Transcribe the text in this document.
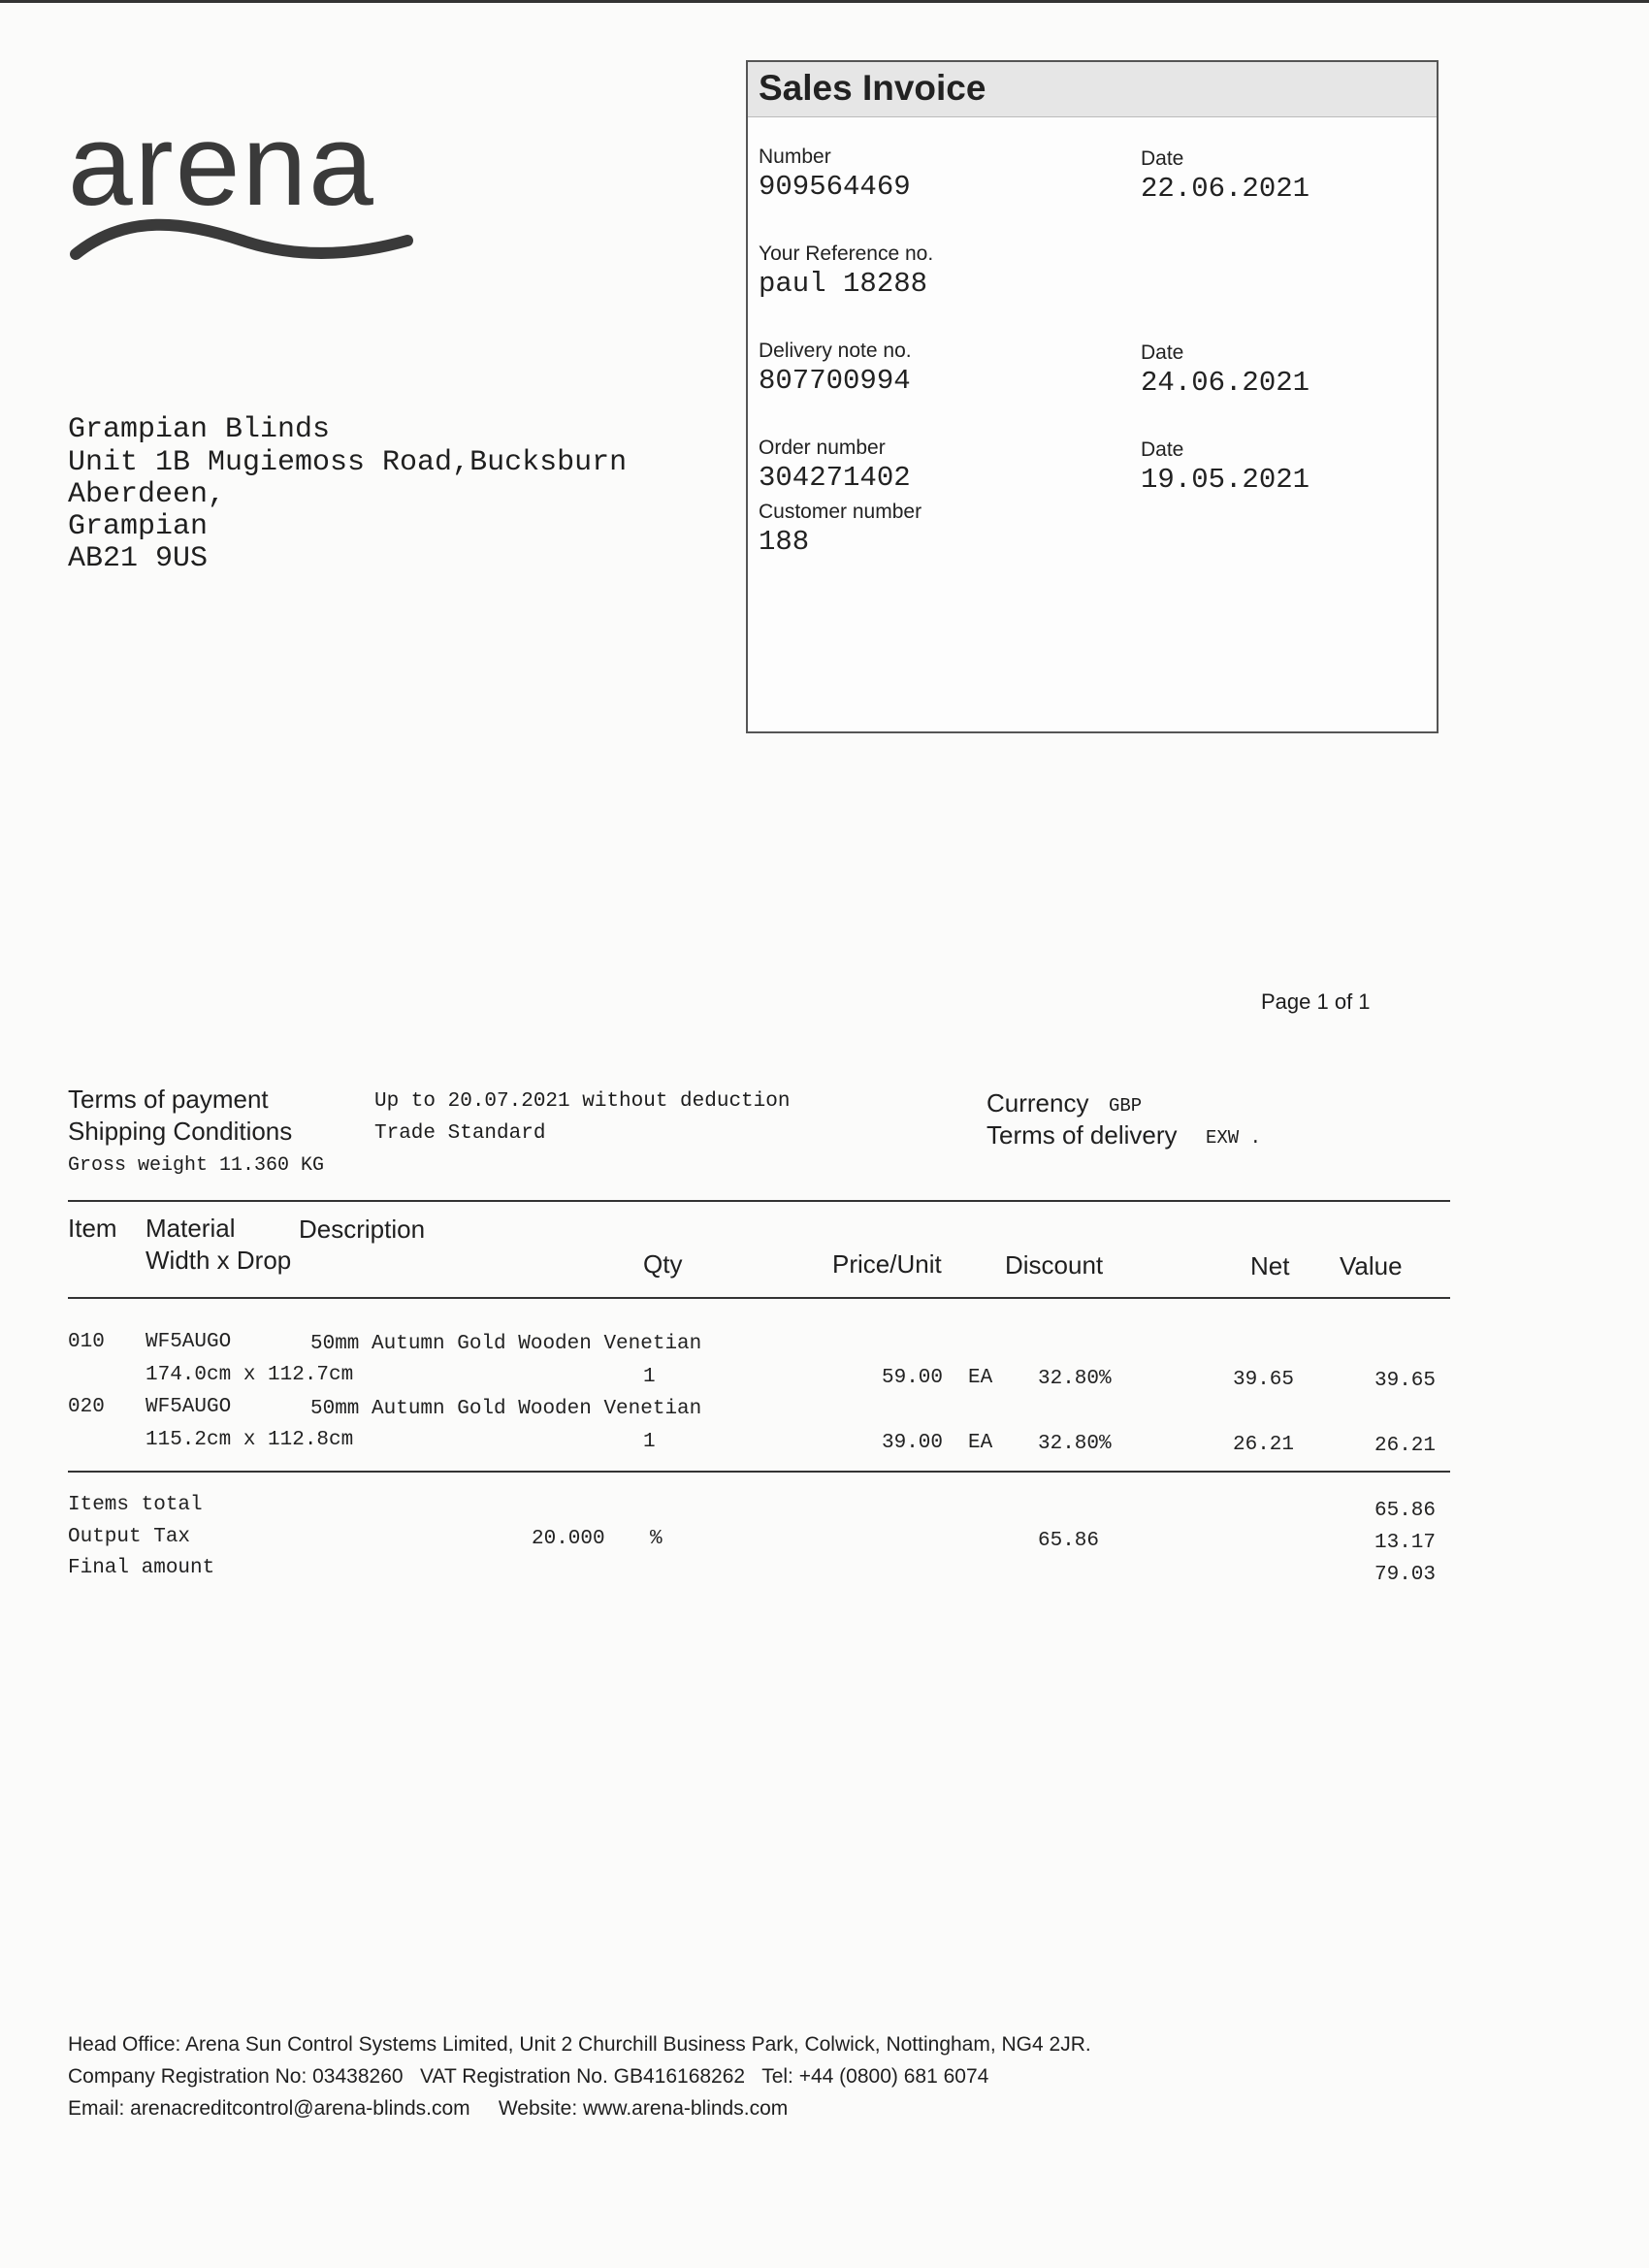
arena
Grampian Blinds
Unit 1B Mugiemoss Road,Bucksburn
Aberdeen,
Grampian
AB21 9US
Sales Invoice
Number
909564469
Date
22.06.2021
Your Reference no.
paul 18288
Delivery note no.
807700994
Date
24.06.2021
Order number
304271402
Date
19.05.2021
Customer number
188
Page 1 of 1
Terms of payment	Up to 20.07.2021 without deduction
Shipping Conditions	Trade Standard
Gross weight 11.360 KG
Currency GBP
Terms of delivery EXW .
Item Material	Description
Width x Drop	Qty	Price/Unit	Discount	Net Value
010 WF5AUGO	50mm Autumn Gold Wooden Venetian
174.0cm x 112.7cm	1	59.00 EA 32.80%	39.65	39.65
020 WF5AUGO	50mm Autumn Gold Wooden Venetian
115.2cm x 112.8cm	1	39.00 EA 32.80%	26.21	26.21
Items total	65.86
Output Tax	20.000 %	65.86	13.17
Final amount	79.03
Head Office: Arena Sun Control Systems Limited, Unit 2 Churchill Business Park, Colwick, Nottingham, NG4 2JR.
Company Registration No: 03438260   VAT Registration No. GB416168262   Tel: +44 (0800) 681 6074
Email: arenacreditcontrol@arena-blinds.com     Website: www.arena-blinds.com
